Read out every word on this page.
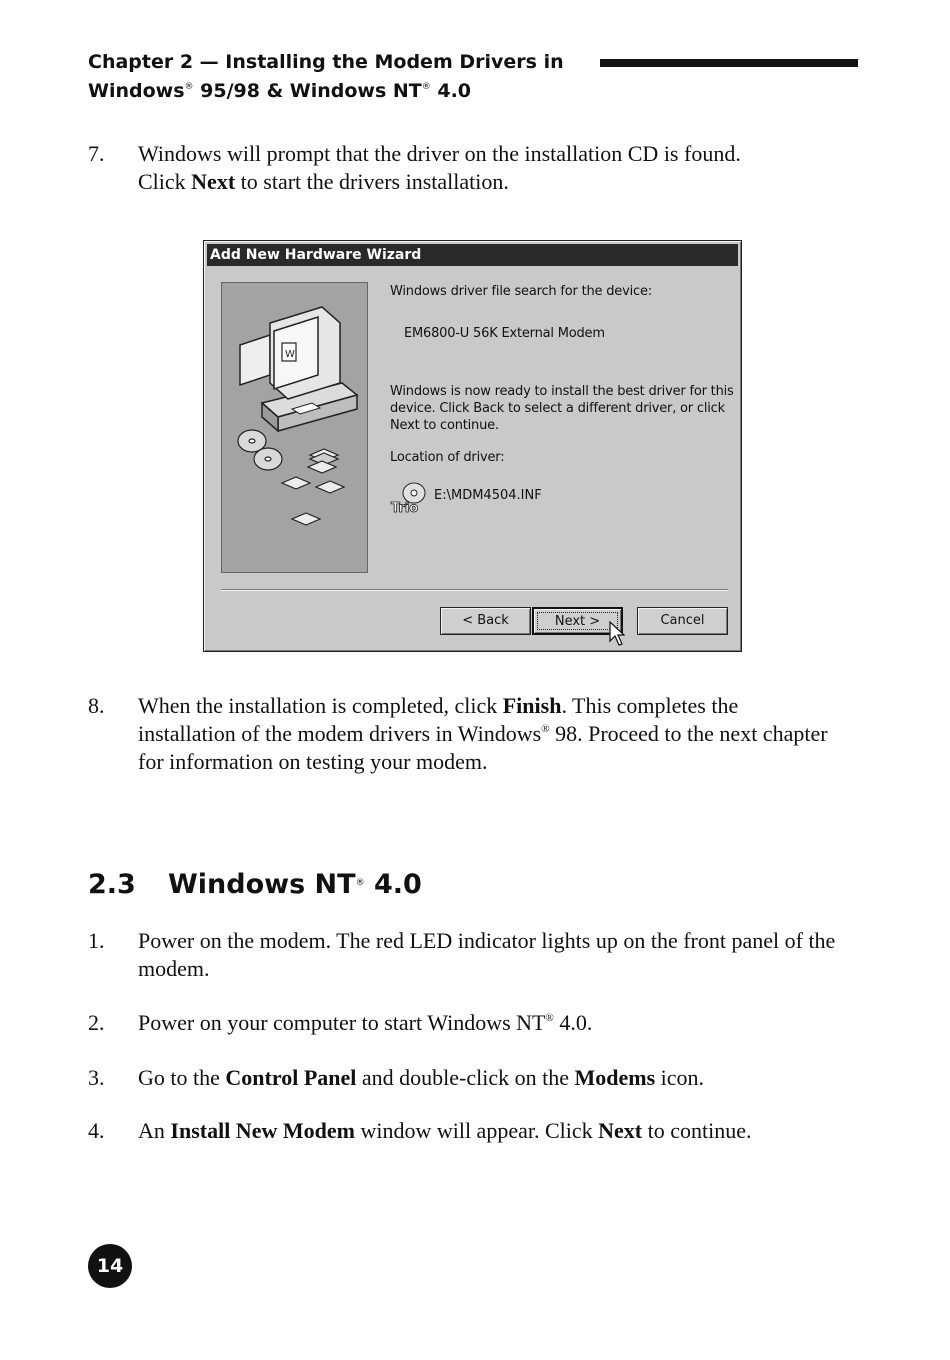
Chapter 2 — Installing the Modem Drivers in
Windows® 95/98 & Windows NT® 4.0
7. Windows will prompt that the driver on the installation CD is found.
Click Next to start the drivers installation.
Add New Hardware Wizard
W
Windows driver file search for the device:
EM6800-U 56K External Modem
Windows is now ready to install the best driver for this device. Click Back to select a different driver, or click Next to continue.
Location of driver:
Trio
E:\MDM4504.INF
< Back	Next >	Cancel
8. When the installation is completed, click Finish. This completes the installation of the modem drivers in Windows® 98. Proceed to the next chapter for information on testing your modem.
2.3 Windows NT® 4.0
1. Power on the modem. The red LED indicator lights up on the front panel of the modem.
2. Power on your computer to start Windows NT® 4.0.
3. Go to the Control Panel and double-click on the Modems icon.
4. An Install New Modem window will appear. Click Next to continue.
14
